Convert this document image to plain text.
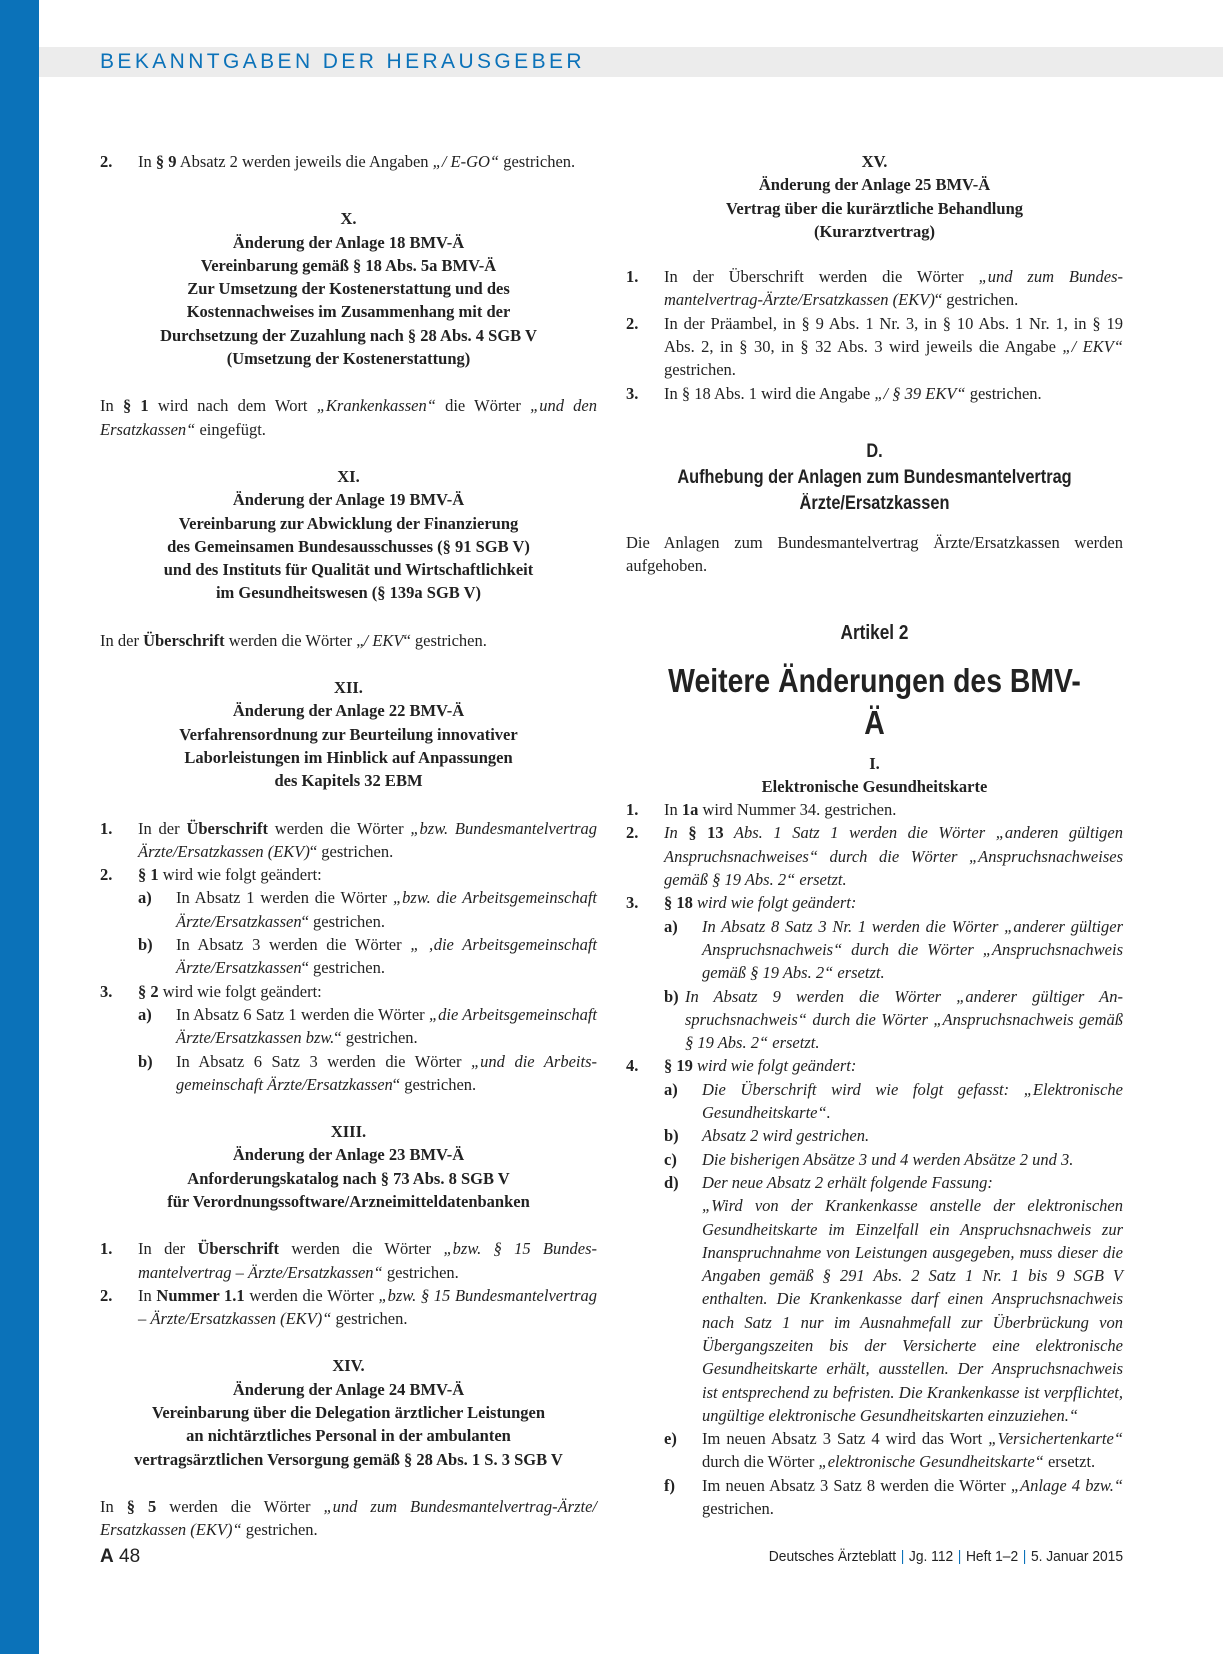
BEKANNTGABEN DER HERAUSGEBER
2. In § 9 Absatz 2 werden jeweils die Angaben „/ E-GO“ gestrichen.
X.
Änderung der Anlage 18 BMV-Ä
Vereinbarung gemäß § 18 Abs. 5a BMV-Ä
Zur Umsetzung der Kostenerstattung und des
Kostennachweises im Zusammenhang mit der
Durchsetzung der Zuzahlung nach § 28 Abs. 4 SGB V
(Umsetzung der Kostenerstattung)

In § 1 wird nach dem Wort „Krankenkassen“ die Wörter „und den Ersatzkassen“ eingefügt.

XI.
Änderung der Anlage 19 BMV-Ä
Vereinbarung zur Abwicklung der Finanzierung
des Gemeinsamen Bundesausschusses (§ 91 SGB V)
und des Instituts für Qualität und Wirtschaftlichkeit
im Gesundheitswesen (§ 139a SGB V)

In der Überschrift werden die Wörter „/ EKV“ gestrichen.

XII.
Änderung der Anlage 22 BMV-Ä
Verfahrensordnung zur Beurteilung innovativer
Laborleistungen im Hinblick auf Anpassungen
des Kapitels 32 EBM
1. In der Überschrift werden die Wörter „bzw. Bundesmantelvertrag Ärzte/Ersatzkassen (EKV)“ gestrichen.
2. § 1 wird wie folgt geändert:
a) In Absatz 1 werden die Wörter „bzw. die Arbeitsgemeinschaft Ärzte/Ersatzkassen“ gestrichen.
b) In Absatz 3 werden die Wörter „ ‚die Arbeitsgemeinschaft Ärzte/Ersatzkassen“ gestrichen.
3. § 2 wird wie folgt geändert:
a) In Absatz 6 Satz 1 werden die Wörter „die Arbeitsgemeinschaft Ärzte/Ersatzkassen bzw.“ gestrichen.
b) In Absatz 6 Satz 3 werden die Wörter „und die Arbeitsgemeinschaft Ärzte/Ersatzkassen“ gestrichen.
XIII.
Änderung der Anlage 23 BMV-Ä
Anforderungskatalog nach § 73 Abs. 8 SGB V
für Verordnungssoftware/Arzneimitteldatenbanken
1. In der Überschrift werden die Wörter „bzw. § 15 Bundesmantelvertrag – Ärzte/Ersatzkassen“ gestrichen.
2. In Nummer 1.1 werden die Wörter „bzw. § 15 Bundesmantelvertrag – Ärzte/Ersatzkassen (EKV)“ gestrichen.
XIV.
Änderung der Anlage 24 BMV-Ä
Vereinbarung über die Delegation ärztlicher Leistungen
an nichtärztliches Personal in der ambulanten
vertragsärztlichen Versorgung gemäß § 28 Abs. 1 S. 3 SGB V

In § 5 werden die Wörter „und zum Bundesmantelvertrag-Ärzte/ Ersatzkassen (EKV)“ gestrichen.

XV.
Änderung der Anlage 25 BMV-Ä
Vertrag über die kurärztliche Behandlung
(Kurarztvertrag)
1. In der Überschrift werden die Wörter „und zum Bundesmantelvertrag-Ärzte/Ersatzkassen (EKV)“ gestrichen.
2. In der Präambel, in § 9 Abs. 1 Nr. 3, in § 10 Abs. 1 Nr. 1, in § 19 Abs. 2, in § 30, in § 32 Abs. 3 wird jeweils die Angabe „/ EKV“ gestrichen.
3. In § 18 Abs. 1 wird die Angabe „/ § 39 EKV“ gestrichen.
D.
Aufhebung der Anlagen zum Bundesmantelvertrag
Ärzte/Ersatzkassen

Die Anlagen zum Bundesmantelvertrag Ärzte/Ersatzkassen werden aufgehoben.

Artikel 2
Weitere Änderungen des BMV-Ä
I.
Elektronische Gesundheitskarte
1. In 1a wird Nummer 34. gestrichen.
2. In § 13 Abs. 1 Satz 1 werden die Wörter „anderen gültigen Anspruchsnachweises“ durch die Wörter „Anspruchsnachweises gemäß § 19 Abs. 2“ ersetzt.
3. § 18 wird wie folgt geändert:
a) In Absatz 8 Satz 3 Nr. 1 werden die Wörter „anderer gültiger Anspruchsnachweis“ durch die Wörter „Anspruchsnachweis gemäß § 19 Abs. 2“ ersetzt.
b) In Absatz 9 werden die Wörter „anderer gültiger Anspruchsnachweis“ durch die Wörter „Anspruchsnachweis gemäß § 19 Abs. 2“ ersetzt.
4. § 19 wird wie folgt geändert:
a) Die Überschrift wird wie folgt gefasst: „Elektronische Gesundheitskarte“.
b) Absatz 2 wird gestrichen.
c) Die bisherigen Absätze 3 und 4 werden Absätze 2 und 3.
d) Der neue Absatz 2 erhält folgende Fassung:
„Wird von der Krankenkasse anstelle der elektronischen Gesundheitskarte im Einzelfall ein Anspruchsnachweis zur Inanspruchnahme von Leistungen ausgegeben, muss dieser die Angaben gemäß § 291 Abs. 2 Satz 1 Nr. 1 bis 9 SGB V enthalten. Die Krankenkasse darf einen Anspruchsnachweis nach Satz 1 nur im Ausnahmefall zur Überbrückung von Übergangszeiten bis der Versicherte eine elektronische Gesundheitskarte erhält, ausstellen. Der Anspruchsnachweis ist entsprechend zu befristen. Die Krankenkasse ist verpflichtet, ungültige elektronische Gesundheitskarten einzuziehen.“
e) Im neuen Absatz 3 Satz 4 wird das Wort „Versichertenkarte“ durch die Wörter „elektronische Gesundheitskarte“ ersetzt.
f) Im neuen Absatz 3 Satz 8 werden die Wörter „Anlage 4 bzw.“ gestrichen.
A 48	Deutsches Ärzteblatt | Jg. 112 | Heft 1–2 | 5. Januar 2015
